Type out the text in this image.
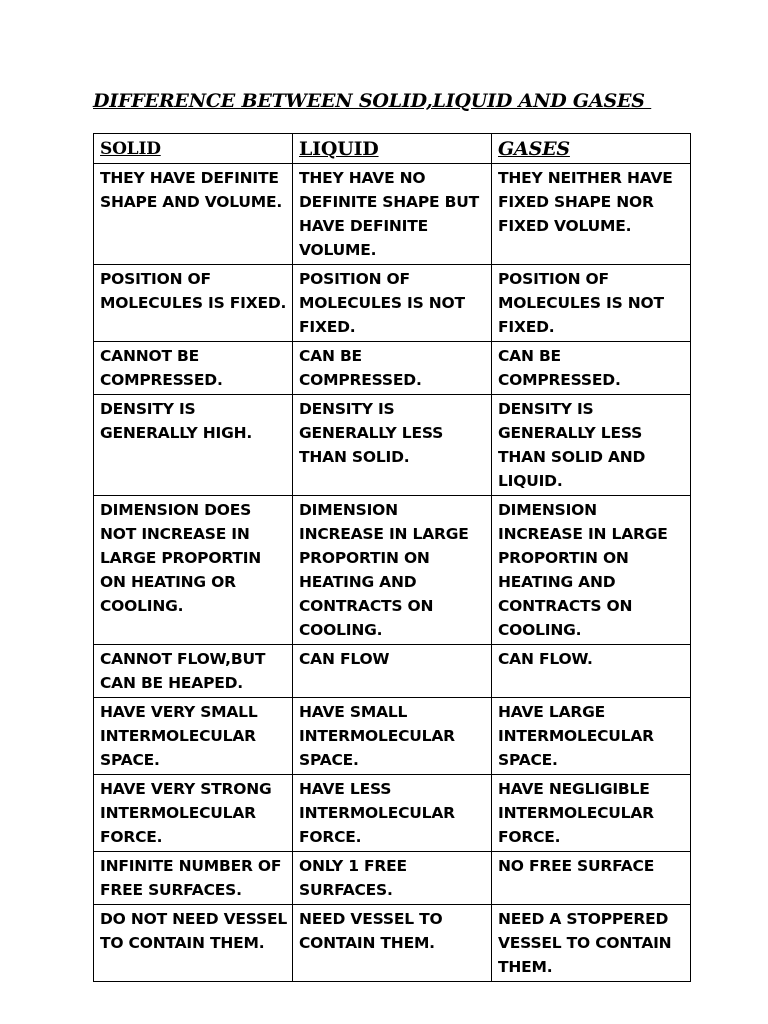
DIFFERENCE BETWEEN SOLID,LIQUID AND GASES
SOLID	LIQUID	GASES
THEY HAVE DEFINITE SHAPE AND VOLUME.	THEY HAVE NO DEFINITE SHAPE BUT HAVE DEFINITE VOLUME.	THEY NEITHER HAVE FIXED SHAPE NOR FIXED VOLUME.
POSITION OF MOLECULES IS FIXED.	POSITION OF MOLECULES IS NOT FIXED.	POSITION OF MOLECULES IS NOT FIXED.
CANNOT BE COMPRESSED.	CAN BE COMPRESSED.	CAN BE COMPRESSED.
DENSITY IS GENERALLY HIGH.	DENSITY IS GENERALLY LESS THAN SOLID.	DENSITY IS GENERALLY LESS THAN SOLID AND LIQUID.
DIMENSION DOES NOT INCREASE IN LARGE PROPORTIN ON HEATING OR COOLING.	DIMENSION INCREASE IN LARGE PROPORTIN ON HEATING AND CONTRACTS ON COOLING.	DIMENSION INCREASE IN LARGE PROPORTIN ON HEATING AND CONTRACTS ON COOLING.
CANNOT FLOW,BUT CAN BE HEAPED.	CAN FLOW	CAN FLOW.
HAVE VERY SMALL INTERMOLECULAR SPACE.	HAVE SMALL INTERMOLECULAR SPACE.	HAVE LARGE INTERMOLECULAR SPACE.
HAVE VERY STRONG INTERMOLECULAR FORCE.	HAVE LESS INTERMOLECULAR FORCE.	HAVE NEGLIGIBLE INTERMOLECULAR FORCE.
INFINITE NUMBER OF FREE SURFACES.	ONLY 1 FREE SURFACES.	NO FREE SURFACE
DO NOT NEED VESSEL TO CONTAIN THEM.	NEED VESSEL TO CONTAIN THEM.	NEED A STOPPERED VESSEL TO CONTAIN THEM.
